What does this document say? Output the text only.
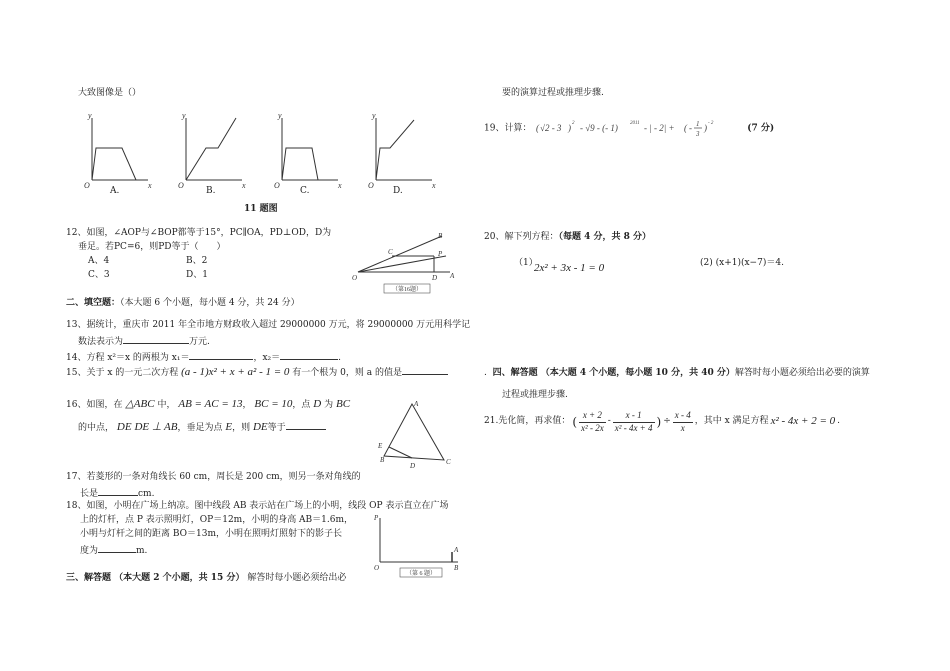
大致图像是（）
y
O	x
y
O	x
y
O	x
y
O	x
A.	B.	C.	D.
11 题图
12、如图，∠AOP与∠BOP都等于15°，PC∥OA，PD⊥OD，D为
垂足。若PC=6，则PD等于（　　）
A、4	B、2
C、3	D、1
B
C	P
O	D A
（第16题）
二、填空题：（本大题 6 个小题，每小题 4 分，共 24 分）
13、据统计，重庆市 2011 年全市地方财政收入超过 29000000 万元，将 29000000 万元用科学记
数法表示为	万元.
14、方程 x²＝x 的两根为 x₁＝	，x₂＝	.
15、关于 x 的一元二次方程 (a - 1)x² + x + a² - 1 = 0 有一个根为 0，则 a 的值是
16、如图，在 △ABC 中， AB = AC = 13， BC = 10，点 D 为 BC
的中点， DE DE ⊥ AB，垂足为点 E，则 DE等于
A
E
B
D	C
17、若菱形的一条对角线长 60 cm，周长是 200 cm，则另一条对角线的
长是	cm.
18、如图，小明在广场上纳凉。图中线段 AB 表示站在广场上的小明，线段 OP 表示直立在广场
上的灯杆，点 P 表示照明灯，OP＝12m，小明的身高 AB＝1.6m，
小明与灯杆之间的距离 BO＝13m，小明在照明灯照射下的影子长
度为	m.
P
O
A
B
（第 6 题）
三、解答题 （本大题 2 个小题，共 15 分） 解答时每小题必须给出必
要的演算过程或推理步骤.
19、计算： ( √2 - 3 ) 2 - √9 - (- 1) 2011 - | - 2| + ( - 1
3
) - 2	(7 分)
20、解下列方程：（每题 4 分，共 8 分）
（1）
2x² + 3x - 1 = 0	(2) (x+1)(x−7)＝4.
. 四、解答题 （本大题 4 个小题，每小题 10 分，共 40 分）解答时每小题必须给出必要的演算
过程或推理步骤.
21.先化简，再求值： ( $\frac{x + 2}{\text{x² - 2x}} - \frac{x - 1}{\text{x² - 4x + 4}}$ ) ÷ $\frac{x - 4}{x}$ ，其中 x 满足方程 x² - 4x + 2 = 0 .
